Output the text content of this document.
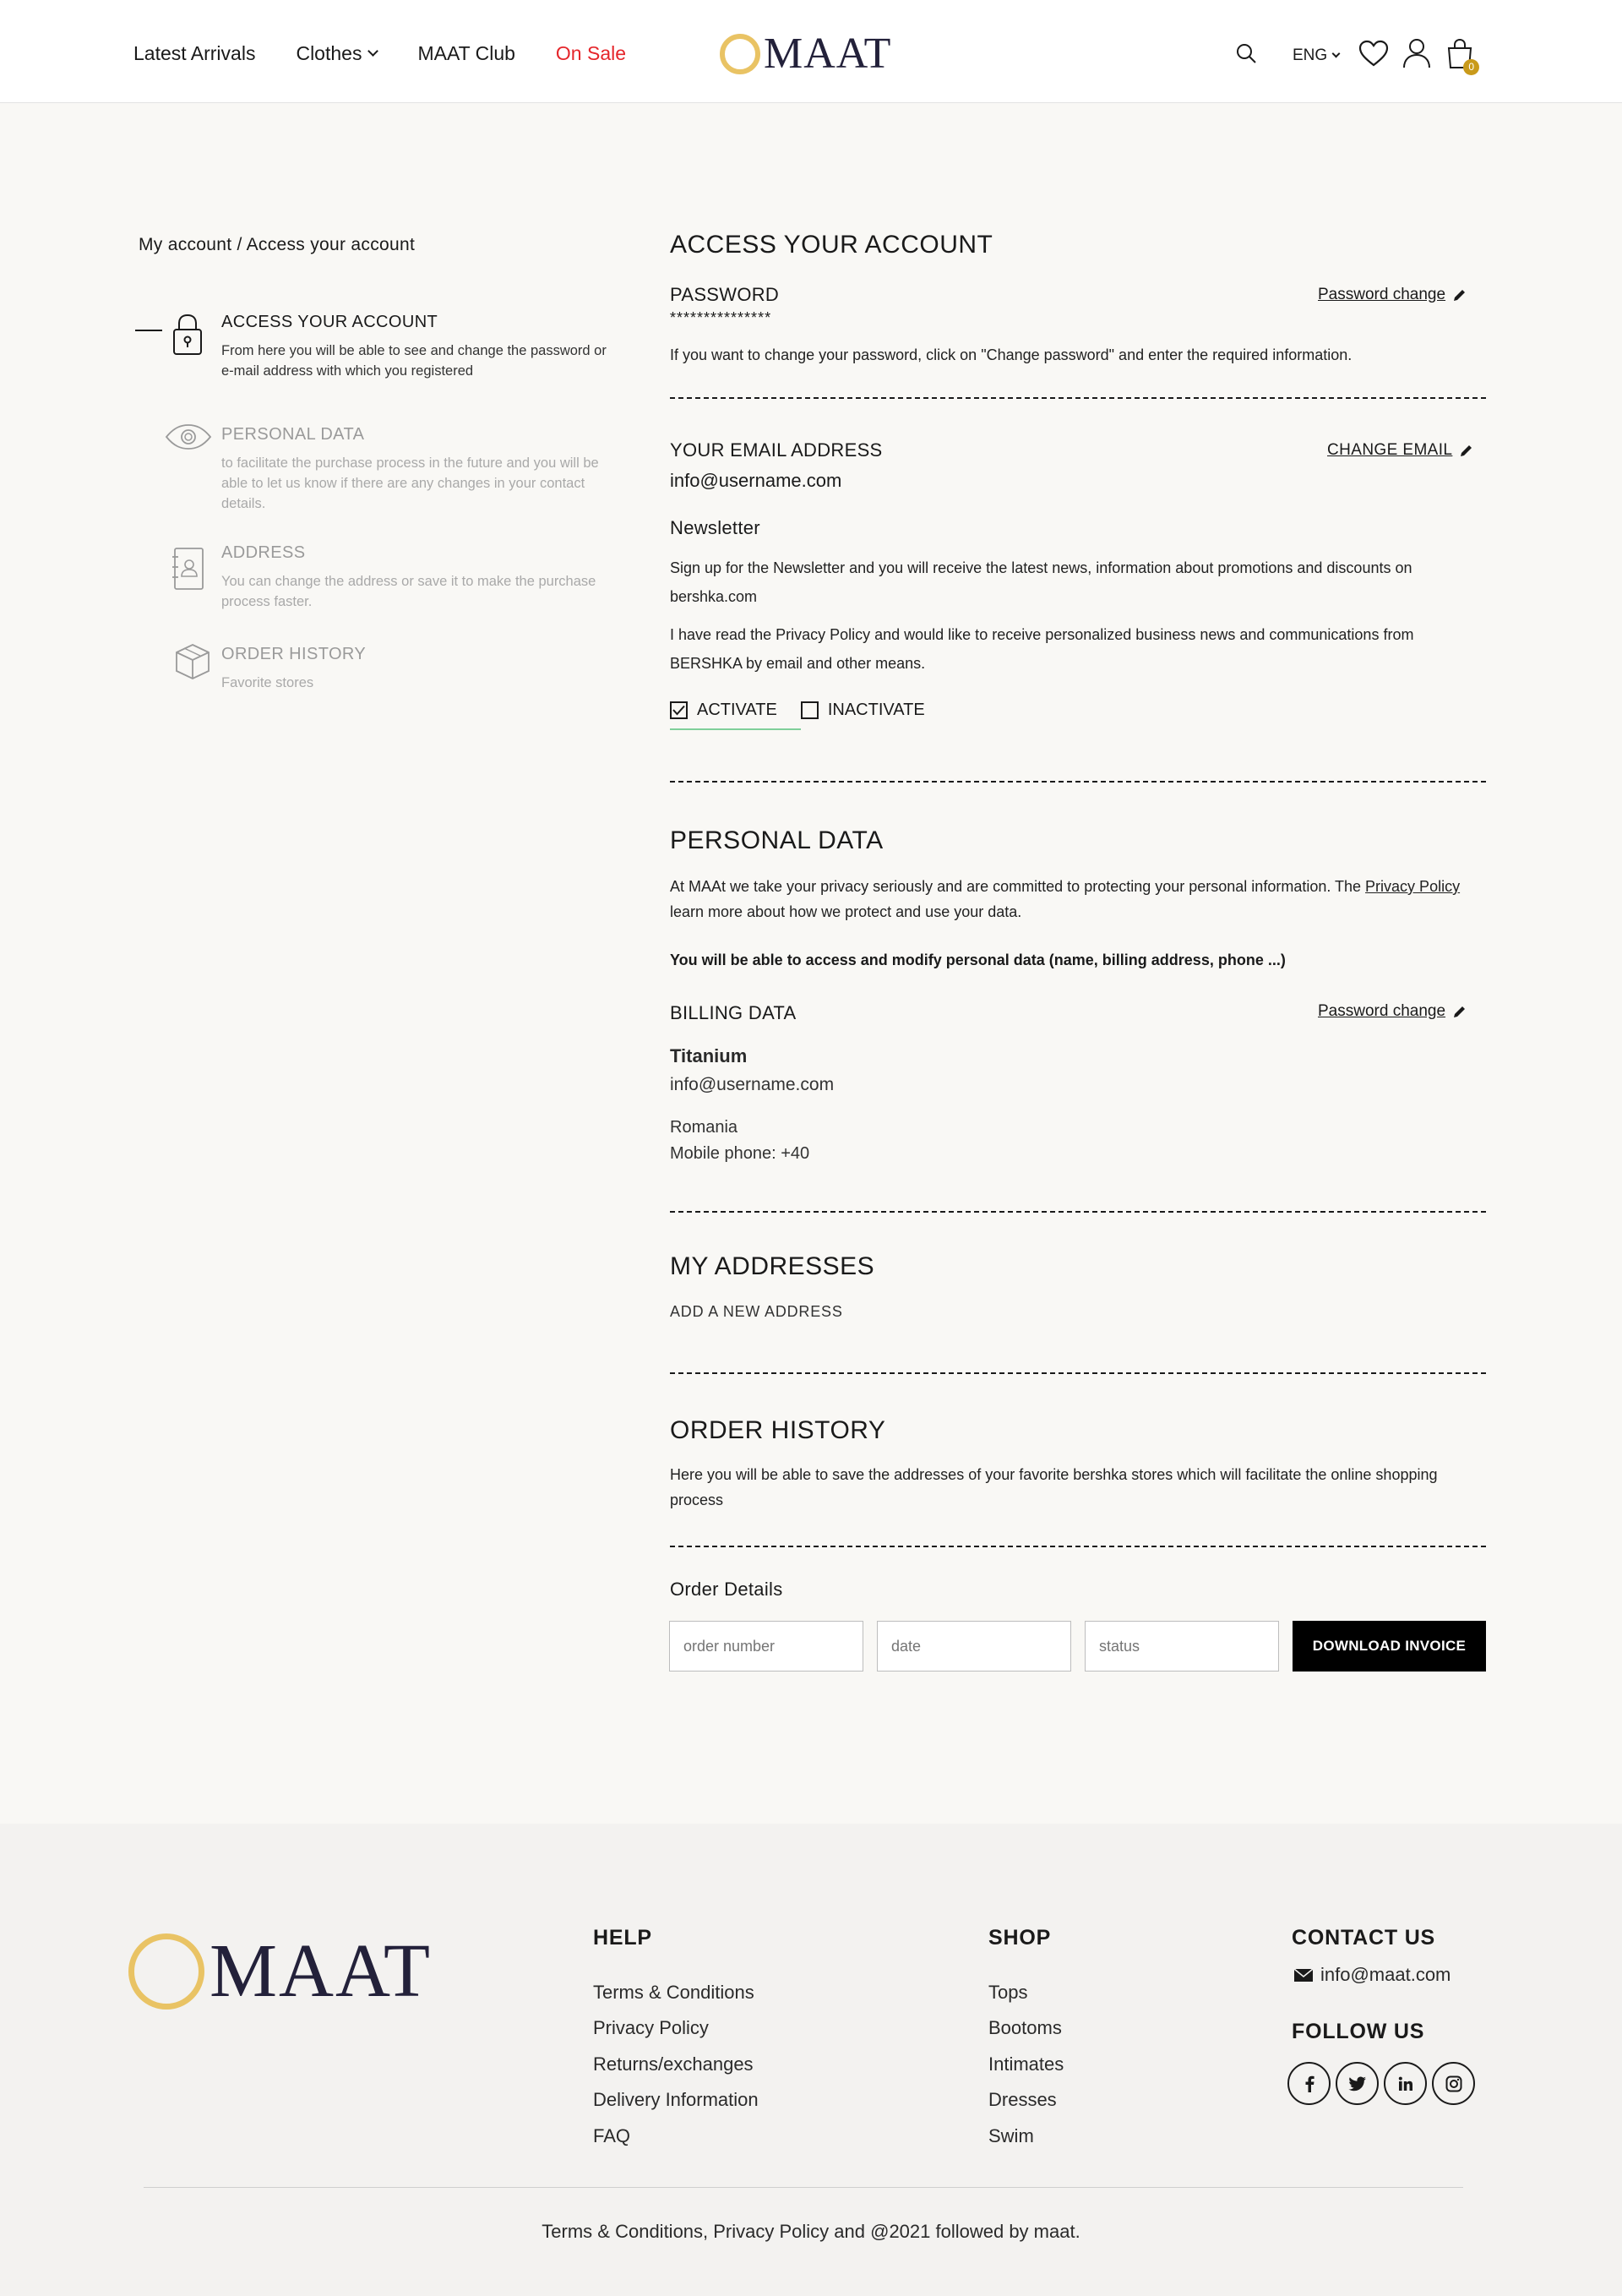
Latest Arrivals Clothes	MAAT Club On Sale	MAAT	ENG
0
My account / Access your account
ACCESS YOUR ACCOUNT
From here you will be able to see and change the password or e-mail address with which you registered
PERSONAL DATA
to facilitate the purchase process in the future and you will be able to let us know if there are any changes in your contact details.
ADDRESS
You can change the address or save it to make the purchase process faster.
ORDER HISTORY
Favorite stores
ACCESS YOUR ACCOUNT
PASSWORD
***************
Password change
If you want to change your password, click on "Change password" and enter the required information.
YOUR EMAIL ADDRESS
info@username.com
CHANGE EMAIL
Newsletter
Sign up for the Newsletter and you will receive the latest news, information about promotions and discounts on bershka.com
I have read the Privacy Policy and would like to receive personalized business news and communications from BERSHKA by email and other means.
ACTIVATE	INACTIVATE
PERSONAL DATA
At MAAt we take your privacy seriously and are committed to protecting your personal information. The Privacy Policy learn more about how we protect and use your data.
You will be able to access and modify personal data (name, billing address, phone ...)
BILLING DATA	Password change
Titanium
info@username.com
Romania
Mobile phone: +40
MY ADDRESSES
ADD A NEW ADDRESS
ORDER HISTORY
Here you will be able to save the addresses of your favorite bershka stores which will facilitate the online shopping process
Order Details
order number
date
status
DOWNLOAD INVOICE
MAAT	HELP
Terms & Conditions
Privacy Policy
Returns/exchanges
Delivery Information
FAQ
SHOP
Tops
Bootoms
Intimates
Dresses
Swim
CONTACT US
info@maat.com
FOLLOW US
Terms & Conditions, Privacy Policy and @2021 followed by maat.
